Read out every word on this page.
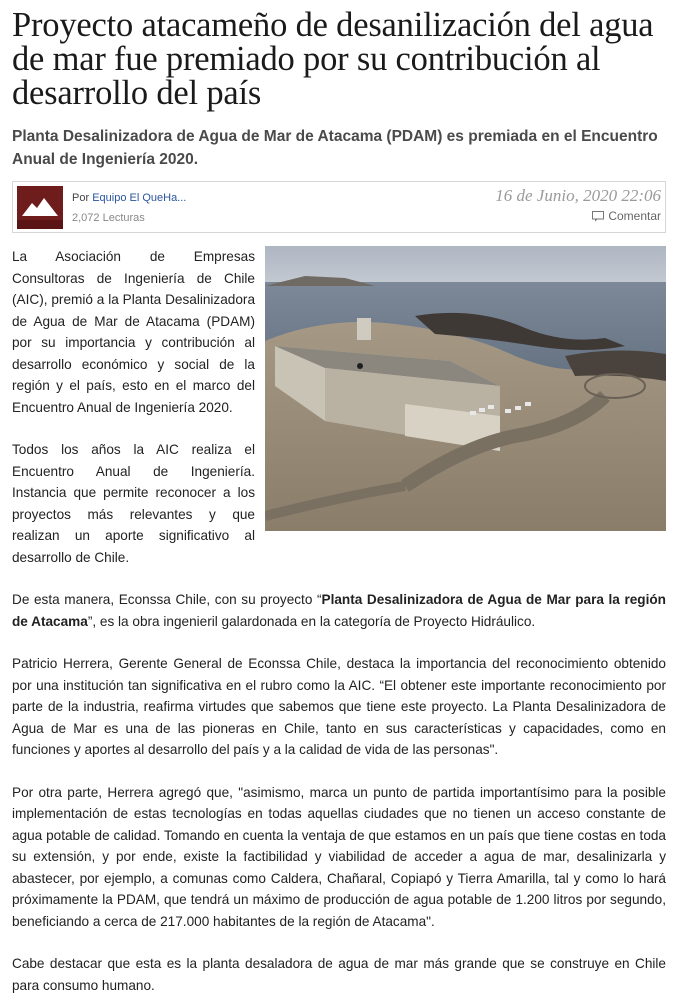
Proyecto atacameño de desanilización del agua de mar fue premiado por su contribución al desarrollo del país
Planta Desalinizadora de Agua de Mar de Atacama (PDAM) es premiada en el Encuentro Anual de Ingeniería 2020.
Por Equipo El QueHa...
2,072 Lecturas
16 de Junio, 2020 22:06
Comentar

La Asociación de Empresas Consultoras de Ingeniería de Chile (AIC), premió a la Planta Desalinizadora de Agua de Mar de Atacama (PDAM) por su importancia y contribución al desarrollo económico y social de la región y el país, esto en el marco del Encuentro Anual de Ingeniería 2020.

Todos los años la AIC realiza el Encuentro Anual de Ingeniería. Instancia que permite reconocer a los proyectos más relevantes y que realizan un aporte significativo al desarrollo de Chile.

De esta manera, Econssa Chile, con su proyecto “Planta Desalinizadora de Agua de Mar para la región de Atacama”, es la obra ingenieril galardonada en la categoría de Proyecto Hidráulico.

Patricio Herrera, Gerente General de Econssa Chile, destaca la importancia del reconocimiento obtenido por una institución tan significativa en el rubro como la AIC. “El obtener este importante reconocimiento por parte de la industria, reafirma virtudes que sabemos que tiene este proyecto. La Planta Desalinizadora de Agua de Mar es una de las pioneras en Chile, tanto en sus características y capacidades, como en funciones y aportes al desarrollo del país y a la calidad de vida de las personas".

Por otra parte, Herrera agregó que, "asimismo, marca un punto de partida importantísimo para la posible implementación de estas tecnologías en todas aquellas ciudades que no tienen un acceso constante de agua potable de calidad. Tomando en cuenta la ventaja de que estamos en un país que tiene costas en toda su extensión, y por ende, existe la factibilidad y viabilidad de acceder a agua de mar, desalinizarla y abastecer, por ejemplo, a comunas como Caldera, Chañaral, Copiapó y Tierra Amarilla, tal y como lo hará próximamente la PDAM, que tendrá un máximo de producción de agua potable de 1.200 litros por segundo, beneficiando a cerca de 217.000 habitantes de la región de Atacama".

Cabe destacar que esta es la planta desaladora de agua de mar más grande que se construye en Chile para consumo humano.
